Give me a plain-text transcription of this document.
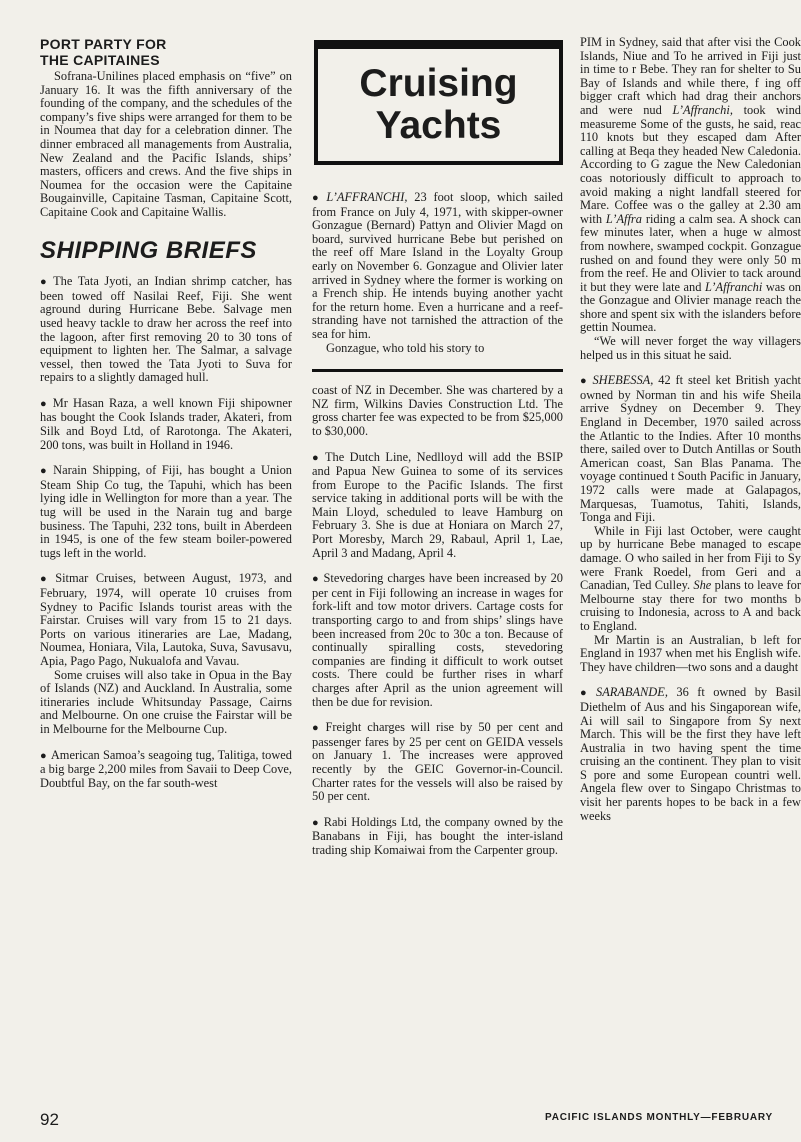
PORT PARTY FOR
THE CAPITAINES

Sofrana-Unilines placed emphasis on “five” on January 16. It was the fifth anniversary of the founding of the company, and the schedules of the company’s five ships were arranged for them to be in Noumea that day for a celebration dinner. The dinner embraced all managements from Australia, New Zealand and the Pacific Islands, ships’ masters, officers and crews. And the five ships in Noumea for the occasion were the Capitaine Bougainville, Capitaine Tasman, Capitaine Scott, Capitaine Cook and Capitaine Wallis.

SHIPPING BRIEFS

● The Tata Jyoti, an Indian shrimp catcher, has been towed off Nasilai Reef, Fiji. She went aground during Hurricane Bebe. Salvage men used heavy tackle to draw her across the reef into the lagoon, after first removing 20 to 30 tons of equipment to lighten her. The Salmar, a salvage vessel, then towed the Tata Jyoti to Suva for repairs to a slightly damaged hull.

● Mr Hasan Raza, a well known Fiji shipowner has bought the Cook Islands trader, Akateri, from Silk and Boyd Ltd, of Rarotonga. The Akateri, 200 tons, was built in Holland in 1946.

● Narain Shipping, of Fiji, has bought a Union Steam Ship Co tug, the Tapuhi, which has been lying idle in Wellington for more than a year. The tug will be used in the Narain tug and barge business. The Tapuhi, 232 tons, built in Aberdeen in 1945, is one of the few steam boiler-powered tugs left in the world.

● Sitmar Cruises, between August, 1973, and February, 1974, will operate 10 cruises from Sydney to Pacific Islands tourist areas with the Fairstar. Cruises will vary from 15 to 21 days. Ports on various itineraries are Lae, Madang, Noumea, Honiara, Vila, Lautoka, Suva, Savusavu, Apia, Pago Pago, Nukualofa and Vavau.

Some cruises will also take in Opua in the Bay of Islands (NZ) and Auckland. In Australia, some itineraries include Whitsunday Passage, Cairns and Melbourne. On one cruise the Fairstar will be in Melbourne for the Melbourne Cup.

● American Samoa’s seagoing tug, Talitiga, towed a big barge 2,200 miles from Savaii to Deep Cove, Doubtful Bay, on the far south-west

Cruising
Yachts

● L’AFFRANCHI, 23 foot sloop, which sailed from France on July 4, 1971, with skipper-owner Gonzague (Bernard) Pattyn and Olivier Magd on board, survived hurricane Bebe but perished on the reef off Mare Island in the Loyalty Group early on November 6. Gonzague and Olivier later arrived in Sydney where the former is working on a French ship. He intends buying another yacht for the return home. Even a hurricane and a reef-stranding have not tarnished the attraction of the sea for him.

Gonzague, who told his story to

coast of NZ in December. She was chartered by a NZ firm, Wilkins Davies Construction Ltd. The gross charter fee was expected to be from $25,000 to $30,000.

● The Dutch Line, Nedlloyd will add the BSIP and Papua New Guinea to some of its services from Europe to the Pacific Islands. The first service taking in additional ports will be with the Main Lloyd, scheduled to leave Hamburg on February 3. She is due at Honiara on March 27, Port Moresby, March 29, Rabaul, April 1, Lae, April 3 and Madang, April 4.

● Stevedoring charges have been increased by 20 per cent in Fiji following an increase in wages for fork-lift and tow motor drivers. Cartage costs for transporting cargo to and from ships’ slings have been increased from 20c to 30c a ton. Because of continually spiralling costs, stevedoring companies are finding it difficult to work outset costs. There could be further rises in wharf charges after April as the union agreement will then be due for revision.

● Freight charges will rise by 50 per cent and passenger fares by 25 per cent on GEIDA vessels on January 1. The increases were approved recently by the GEIC Governor-in-Council. Charter rates for the vessels will also be raised by 50 per cent.

● Rabi Holdings Ltd, the company owned by the Banabans in Fiji, has bought the inter-island trading ship Komaiwai from the Carpenter group.

PIM in Sydney, said that after visi the Cook Islands, Niue and To he arrived in Fiji just in time to r Bebe. They ran for shelter to Su Bay of Islands and while there, f ing off bigger craft which had drag their anchors and were nud L’Affranchi, took wind measureme Some of the gusts, he said, reac 110 knots but they escaped dam After calling at Beqa they headed New Caledonia. According to G zague the New Caledonian coas notoriously difficult to approach to avoid making a night landfall steered for Mare. Coffee was o the galley at 2.30 am with L’Affra riding a calm sea. A shock can few minutes later, when a huge w almost from nowhere, swamped cockpit. Gonzague rushed on and found they were only 50 m from the reef. He and Olivier to tack around it but they were late and L’Affranchi was on the Gonzague and Olivier manage reach the shore and spent six with the islanders before gettin Noumea.

“We will never forget the way villagers helped us in this situat he said.

● SHEBESSA, 42 ft steel ket British yacht owned by Norman tin and his wife Sheila arrive Sydney on December 9. They England in December, 1970 sailed across the Atlantic to the Indies. After 10 months there, sailed over to Dutch Antillas or South American coast, San Blas Panama. The voyage continued t South Pacific in January, 1972 calls were made at Galapagos, Marquesas, Tuamotus, Tahiti, Islands, Tonga and Fiji.

While in Fiji last October, were caught up by hurricane Bebe managed to escape damage. O who sailed in her from Fiji to Sy were Frank Roedel, from Geri and a Canadian, Ted Culley. She plans to leave for Melbourne stay there for two months b cruising to Indonesia, across to A and back to England.

Mr Martin is an Australian, b left for England in 1937 when met his English wife. They have children—two sons and a daught

● SARABANDE, 36 ft owned by Basil Diethelm of Aus and his Singaporean wife, Ai will sail to Singapore from Sy next March. This will be the first they have left Australia in two having spent the time cruising an the continent. They plan to visit S pore and some European countri well. Angela flew over to Singapo Christmas to visit her parents hopes to be back in a few weeks

92	PACIFIC ISLANDS MONTHLY—FEBRUARY
